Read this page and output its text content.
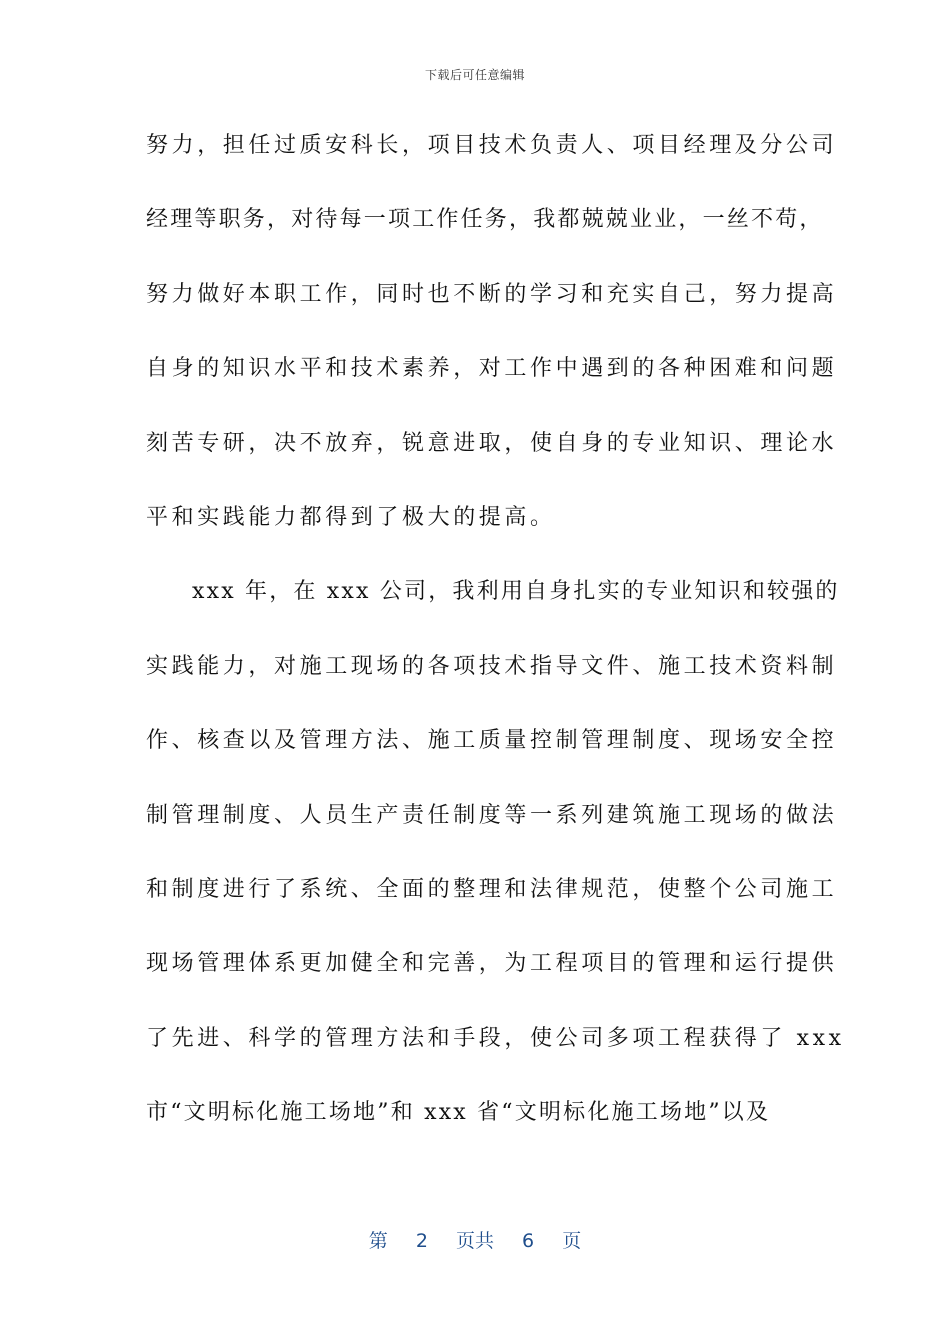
下载后可任意编辑
努力，担任过质安科长，项目技术负责人、项目经理及分公司
经理等职务，对待每一项工作任务，我都兢兢业业，一丝不苟，
努力做好本职工作，同时也不断的学习和充实自己，努力提高
自身的知识水平和技术素养，对工作中遇到的各种困难和问题
刻苦专研，决不放弃，锐意进取，使自身的专业知识、理论水
平和实践能力都得到了极大的提高。
xxx 年，在 xxx 公司，我利用自身扎实的专业知识和较强的
实践能力，对施工现场的各项技术指导文件、施工技术资料制
作、核查以及管理方法、施工质量控制管理制度、现场安全控
制管理制度、人员生产责任制度等一系列建筑施工现场的做法
和制度进行了系统、全面的整理和法律规范，使整个公司施工
现场管理体系更加健全和完善，为工程项目的管理和运行提供
了先进、科学的管理方法和手段，使公司多项工程获得了 xxx
市“文明标化施工场地”和 xxx 省“文明标化施工场地”以及
第 2 页共 6 页
